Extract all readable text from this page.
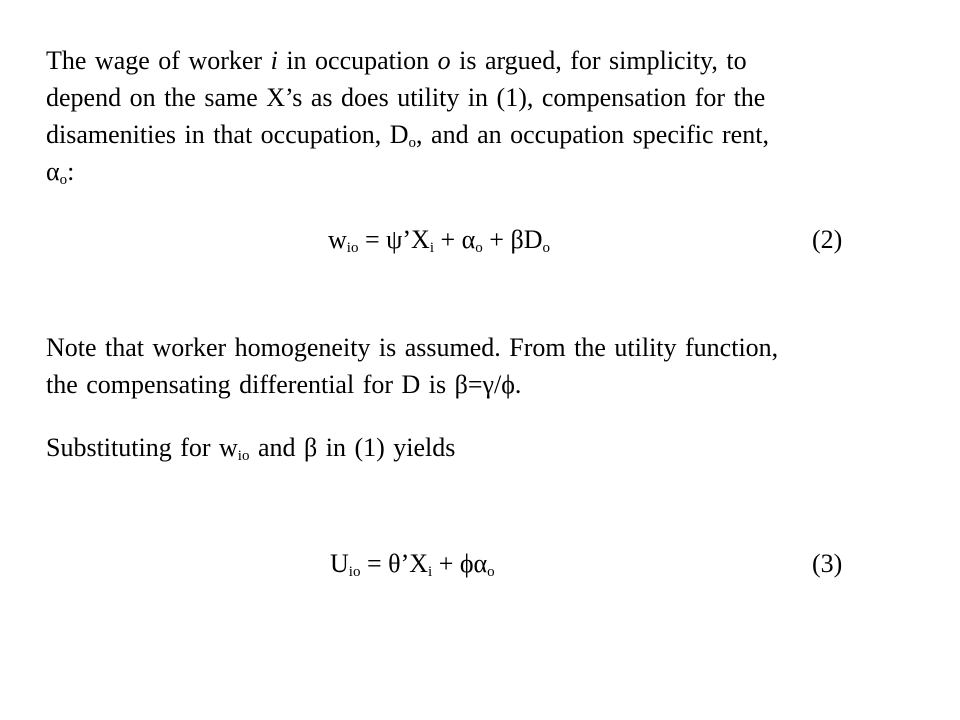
The wage of worker i in occupation o is argued, for simplicity, to
depend on the same X’s as does utility in (1), compensation for the
disamenities in that occupation, $D_o$, and an occupation specific rent,
$\alpha_o$:
$w_{io}$ = $\psi’X_i + \alpha_o + \beta D_o$	(2)
Note that worker homogeneity is assumed. From the utility function,
the compensating differential for D is β=γ/ϕ.
Substituting for $w_{io}$ and β in (1) yields
$U_{io}$ = $\theta’X_i + \phi\alpha_o$	(3)
